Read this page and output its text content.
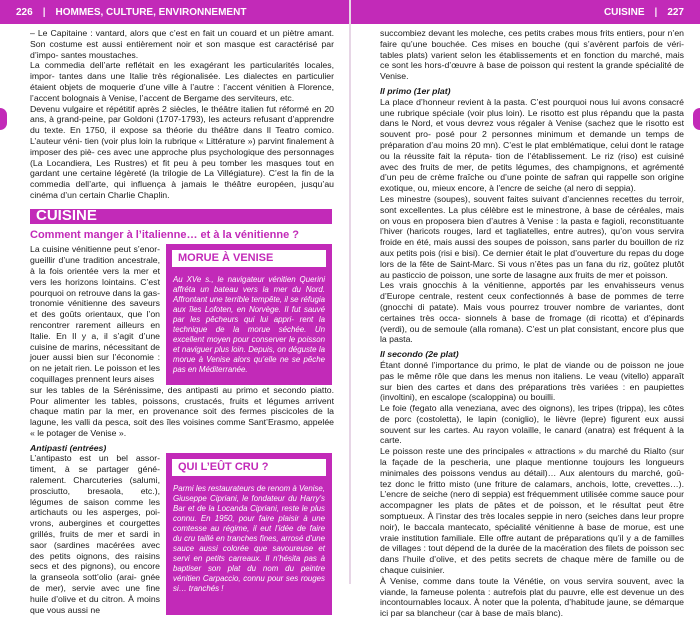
226 | HOMMES, CULTURE, ENVIRONNEMENT	CUISINE | 227

– Le Capitaine : vantard, alors que c’est en fait un couard et un piètre amant. Son costume est aussi entièrement noir et son masque est caractérisé par d’impo- santes moustaches.

La commedia dell’arte reflétait en les exagérant les particularités locales, impor- tantes dans une Italie très régionalisée. Les dialectes en particulier étaient objets de moquerie d’une ville à l’autre : l’accent vénitien à Florence, l’accent bolognais à Venise, l’accent de Bergame des serviteurs, etc.

Devenu vulgaire et répétitif après 2 siècles, le théâtre italien fut réformé en 20 ans, à grand-peine, par Goldoni (1707-1793), les acteurs refusant d’apprendre du texte. En 1750, il expose sa théorie du théâtre dans Il Teatro comico. L’auteur véni- tien (voir plus loin la rubrique « Littérature ») parvint finalement à imposer des piè- ces avec une approche plus psychologique des personnages (La Locandiera, Les Rustres) et fit peu à peu tomber les masques tout en gardant une certaine légèreté (la trilogie de La Villégiature). C’est la fin de la commedia dell’arte, qui influença à jamais le théâtre européen, jusqu’au cinéma d’un certain Charlie Chaplin.

CUISINE
Comment manger à l’italienne… et à la vénitienne ?
La cuisine vénitienne peut s’enor- gueillir d’une tradition ancestrale, à la fois orientée vers la mer et vers les horizons lointains. C’est pourquoi on retrouve dans la gas- tronomie vénitienne des saveurs et des goûts orientaux, que l’on rencontrer rarement ailleurs en Italie. En Il y a, il s’agit d’une cuisine de marins, nécessitant de jouer aussi bien sur l’économie : on ne jetait rien. Le poisson et les coquillages prennent leurs aises
MORUE À VENISE
Au XVe s., le navigateur vénitien Querini affréta un bateau vers la mer du Nord. Affrontant une terrible tempête, il se réfugia aux îles Lofoten, en Norvège. Il fut sauvé par les pêcheurs qui lui appri- rent la technique de la morue séchée. Un excellent moyen pour conserver le poisson et naviguer plus loin. Depuis, on déguste la morue à Venise alors qu’elle ne se pêche pas en Méditerranée.

sur les tables de la Sérénissime, des antipasti au primo et secondo piatto. Pour alimenter les tables, poissons, crustacés, fruits et légumes arrivent chaque matin par la mer, en provenance soit des fermes piscicoles de la lagune, les valli da pesca, soit des îles voisines comme Sant’Erasmo, appelée « le potager de Venise ».

Antipasti (entrées)
L’antipasto est un bel assor- timent, à se partager géné- ralement. Charcuteries (salumi, prosciutto, bresaola, etc.), légumes de saison comme les artichauts ou les asperges, poi- vrons, aubergines et courgettes grillés, fruits de mer et sardi in saor (sardines macérées avec des petits oignons, des raisins secs et des pignons), ou encore la granseola sott’olio (arai- gnée de mer), servie avec une fine huile d’olive et du citron. À moins que vous aussi ne
QUI L’EÛT CRU ?
Parmi les restaurateurs de renom à Venise, Giuseppe Cipriani, le fondateur du Harry’s Bar et de la Locanda Cipriani, reste le plus connu. En 1950, pour faire plaisir à une comtesse au régime, il eut l’idée de faire du cru taillé en tranches fines, arrosé d’une sauce aussi colorée que savoureuse et servi en petits carreaux. Il n’hésita pas à baptiser son plat du nom du peintre vénitien Carpaccio, connu pour ses rouges si… tranchés !

succombiez devant les moleche, ces petits crabes mous frits entiers, pour n’en faire qu’une bouchée. Ces mises en bouche (qui s’avèrent parfois de véri- tables plats) varient selon les établissements et en fonction du marché, mais ce sont les hors-d’œuvre à base de poisson qui restent la grande spécialité de Venise.

Il primo (1er plat)

La place d’honneur revient à la pasta. C’est pourquoi nous lui avons consacré une rubrique spéciale (voir plus loin). Le risotto est plus répandu que la pasta dans le Nord, et vous devrez vous régaler à Venise (sachez que le risotto est souvent pro- posé pour 2 personnes minimum et demande un temps de préparation d’au moins 20 mn). C’est le plat emblématique, celui dont le ratage ou la réussite fait la réputa- tion de l’établissement. Le riz (riso) est cuisiné avec des fruits de mer, de petits légumes, des champignons, et agrémenté d’un peu de crème fraîche ou d’une pointe de safran qui rappelle son origine exotique, ou, mieux encore, à l’encre de seiche (al nero di seppia).

Les minestre (soupes), souvent faites suivant d’anciennes recettes du terroir, sont excellentes. La plus célèbre est le minestrone, à base de céréales, mais on vous en proposera bien d’autres à Venise : la pasta e fagioli, reconstituante l’hiver (haricots rouges, lard et tagliatelles, entre autres), qu’on vous servira froide en été, mais aussi des soupes de poisson, sans parler du bouillon de riz aux petits pois (risi e bisi). Ce dernier était le plat d’ouverture du repas du doge lors de la fête de Saint-Marc. Si vous n’êtes pas un fana du riz, goûtez plutôt au pasticcio de poisson, une sorte de lasagne aux fruits de mer et poisson.

Les vrais gnocchis à la vénitienne, apportés par les envahisseurs venus d’Europe centrale, restent ceux confectionnés à base de pommes de terre (gnocchi di patate). Mais vous pourrez trouver nombre de variantes, dont certaines très occa- sionnels à base de fromage (di ricotta) et d’épinards (verdi), ou de semoule (alla romana). C’est un plat consistant, encore plus que la pasta.

Il secondo (2e plat)

Étant donné l’importance du primo, le plat de viande ou de poisson ne joue pas le même rôle que dans les menus non italiens. Le veau (vitello) apparaît sur bien des cartes et dans des préparations très variées : en paupiettes (involtini), en escalope (scaloppina) ou bouilli.

Le foie (fegato alla veneziana, avec des oignons), les tripes (trippa), les côtes de porc (costoletta), le lapin (coniglio), le lièvre (lepre) figurent eux aussi souvent sur les cartes. Au rayon volaille, le canard (anatra) est fréquent à la carte.

Le poisson reste une des principales « attractions » du marché du Rialto (sur la façade de la pescheria, une plaque mentionne toujours les longueurs minimales des poissons vendus au détail)… Aux alentours du marché, goû- tez donc le fritto misto (une friture de calamars, anchois, lotte, crevettes…). L’encre de seiche (nero di seppia) est fréquemment utilisée comme sauce pour accompagner les plats de pâtes et de poisson, et le résultat peut être somptueux. À l’instar des très locales seppie in nero (seiches dans leur propre noir), le baccala mantecato, spécialité vénitienne à base de morue, est une vraie institution familiale. Elle offre autant de préparations qu’il y a de familles de villages : tout dépend de la durée de la macération des filets de poisson sec dans l’huile d’olive, et des petits secrets de chaque mère de famille ou de chaque cuisinier.

À Venise, comme dans toute la Vénétie, on vous servira souvent, avec la viande, la fameuse polenta : autrefois plat du pauvre, elle est devenue un des incontournables locaux. À noter que la polenta, d’habitude jaune, se démarque ici par sa blancheur (car à base de maïs blanc).
